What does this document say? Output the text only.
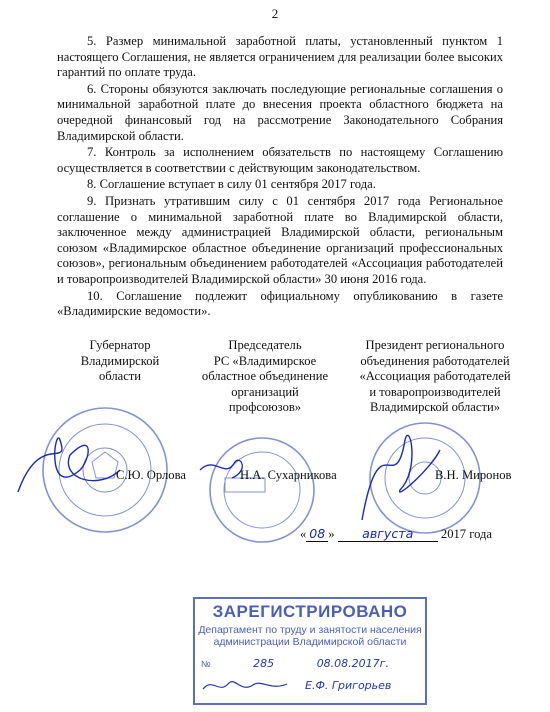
2

5. Размер минимальной заработной платы, установленный пунктом 1 настоящего Соглашения, не является ограничением для реализации более высоких гарантий по оплате труда.

6. Стороны обязуются заключать последующие региональные соглашения о минимальной заработной плате до внесения проекта областного бюджета на очередной финансовый год на рассмотрение Законодательного Собрания Владимирской области.

7. Контроль за исполнением обязательств по настоящему Соглашению осуществляется в соответствии с действующим законодательством.

8. Соглашение вступает в силу 01 сентября 2017 года.

9. Признать утратившим силу с 01 сентября 2017 года Региональное соглашение о минимальной заработной плате во Владимирской области, заключенное между администрацией Владимирской области, региональным союзом «Владимирское областное объединение организаций профессиональных союзов», региональным объединением работодателей «Ассоциация работодателей и товаропроизводителей Владимирской области» 30 июня 2016 года.

10. Соглашение подлежит официальному опубликованию в газете «Владимирские ведомости».

Губернатор
Владимирской
области
Председатель
РС «Владимирское
областное объединение
организаций
профсоюзов»
Президент регионального
объединения работодателей
«Ассоциация работодателей
и товаропроизводителей
Владимирской области»
С.Ю. Орлова	Н.А. Сухарникова	В.Н. Миронов
« 08 » августа 2017 года
ЗАРЕГИСТРИРОВАНО
Департамент по труду и занятости населения
администрации Владимирской области
№	285	08.08.2017г.
Е.Ф. Григорьев
